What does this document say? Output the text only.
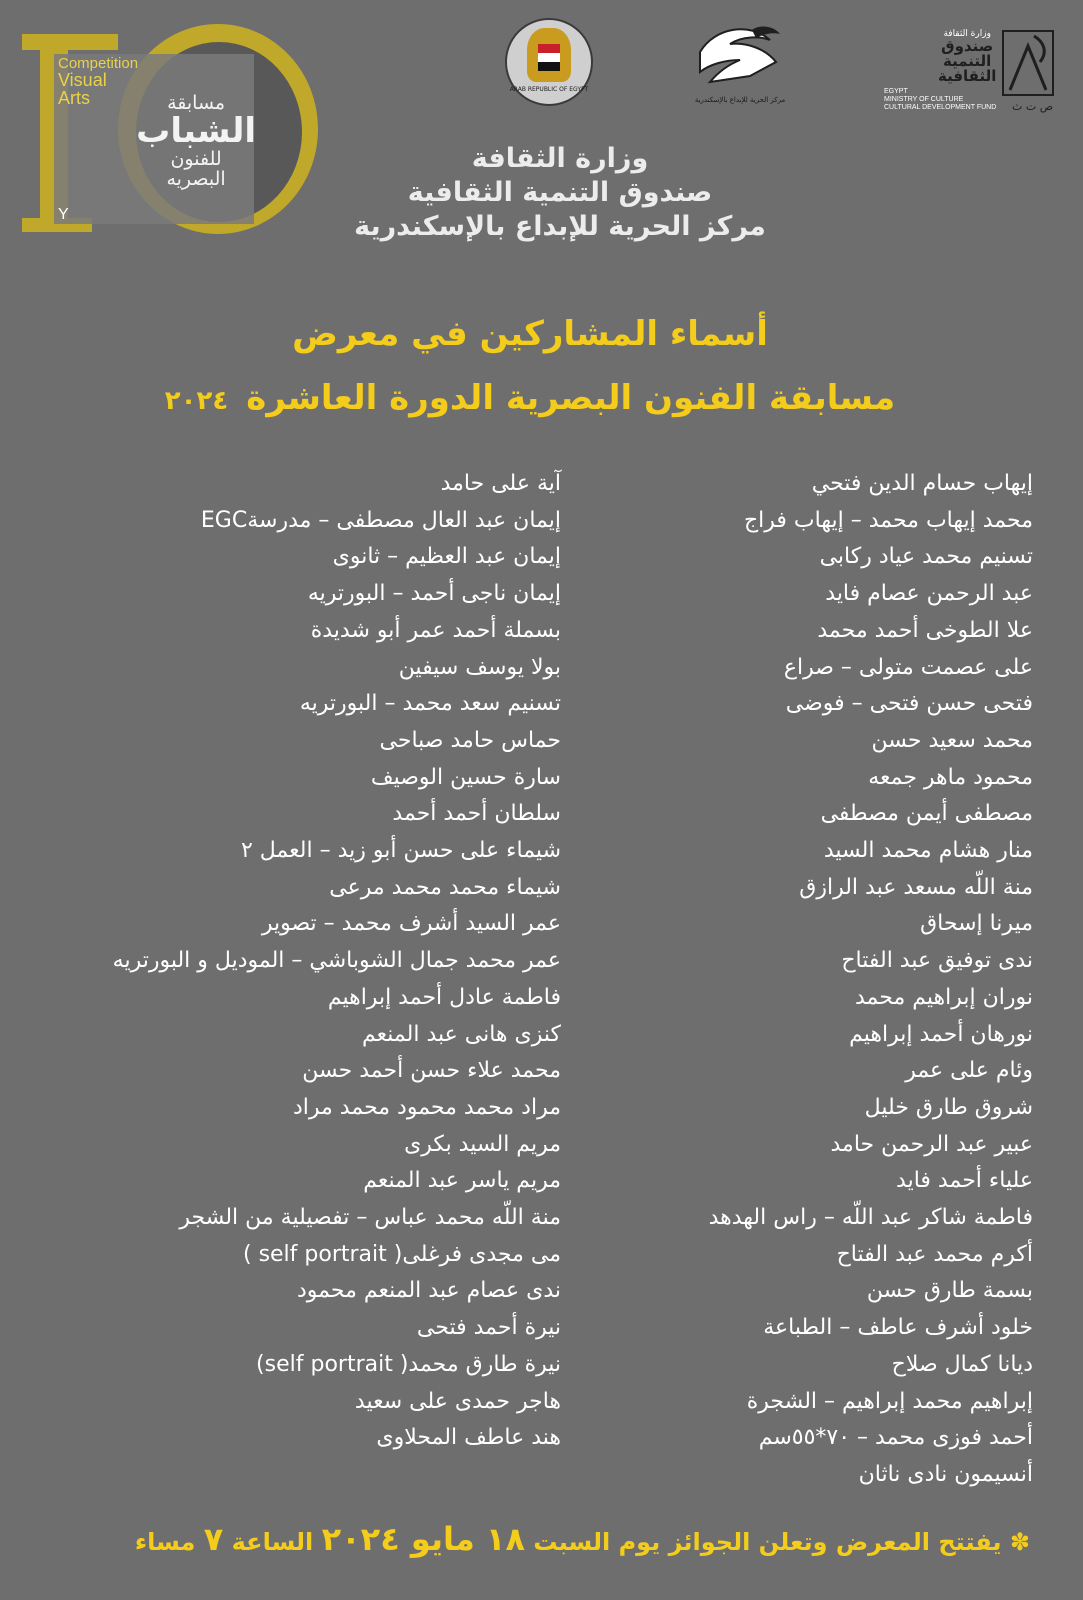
Competition
Visual
Arts	مسابقة
الشباب
للفنون
البصريه
Y
ARAB REPUBLIC OF EGYPT
مركز الحرية للإبداع بالإسكندرية
وزارة الثقافة
صندوق
التنمية
الثقافية
EGYPT
MINISTRY OF CULTURE
CULTURAL DEVELOPMENT FUND ص ت ث
وزارة الثقافة
صندوق التنمية الثقافية
مركز الحرية للإبداع بالإسكندرية
أسماء المشاركين في معرض
مسابقة الفنون البصرية الدورة العاشرة٢٠٢٤
إيهاب حسام الدين فتحي
محمد إيهاب محمد – إيهاب فراج
تسنيم محمد عياد ركابى
عبد الرحمن عصام فايد
علا الطوخى أحمد محمد
على عصمت متولى – صراع
فتحى حسن فتحى – فوضى
محمد سعيد حسن
محمود ماهر جمعه
مصطفى أيمن مصطفى
منار هشام محمد السيد
منة اللّه مسعد عبد الرازق
ميرنا إسحاق
ندى توفيق عبد الفتاح
نوران إبراهيم محمد
نورهان أحمد إبراهيم
وئام على عمر
شروق طارق خليل
عبير عبد الرحمن حامد
علياء أحمد فايد
فاطمة شاكر عبد اللّه – راس الهدهد
أكرم محمد عبد الفتاح
بسمة طارق حسن
خلود أشرف عاطف – الطباعة
ديانا كمال صلاح
إبراهيم محمد إبراهيم – الشجرة
أحمد فوزى محمد – ٧٠*٥٥سم
أنسيمون نادى ناثان
آية على حامد
إيمان عبد العال مصطفى – مدرسةEGC
إيمان عبد العظيم – ثانوى
إيمان ناجى أحمد – البورتريه
بسملة أحمد عمر أبو شديدة
بولا يوسف سيفين
تسنيم سعد محمد – البورتريه
حماس حامد صباحى
سارة حسين الوصيف
سلطان أحمد أحمد
شيماء على حسن أبو زيد – العمل ٢
شيماء محمد محمد مرعى
عمر السيد أشرف محمد – تصوير
عمر محمد جمال الشوباشي – الموديل و البورتريه
فاطمة عادل أحمد إبراهيم
كنزى هانى عبد المنعم
محمد علاء حسن أحمد حسن
مراد محمد محمود محمد مراد
مريم السيد بكرى
مريم ياسر عبد المنعم
منة اللّه محمد عباس – تفصيلية من الشجر
مى مجدى فرغلى( self portrait )
ندى عصام عبد المنعم محمود
نيرة أحمد فتحى
نيرة طارق محمد( self portrait)
هاجر حمدى على سعيد
هند عاطف المحلاوى
✽ يفتتح المعرض وتعلن الجوائز يوم السبت ١٨ مايو ٢٠٢٤ الساعة ٧ مساء
